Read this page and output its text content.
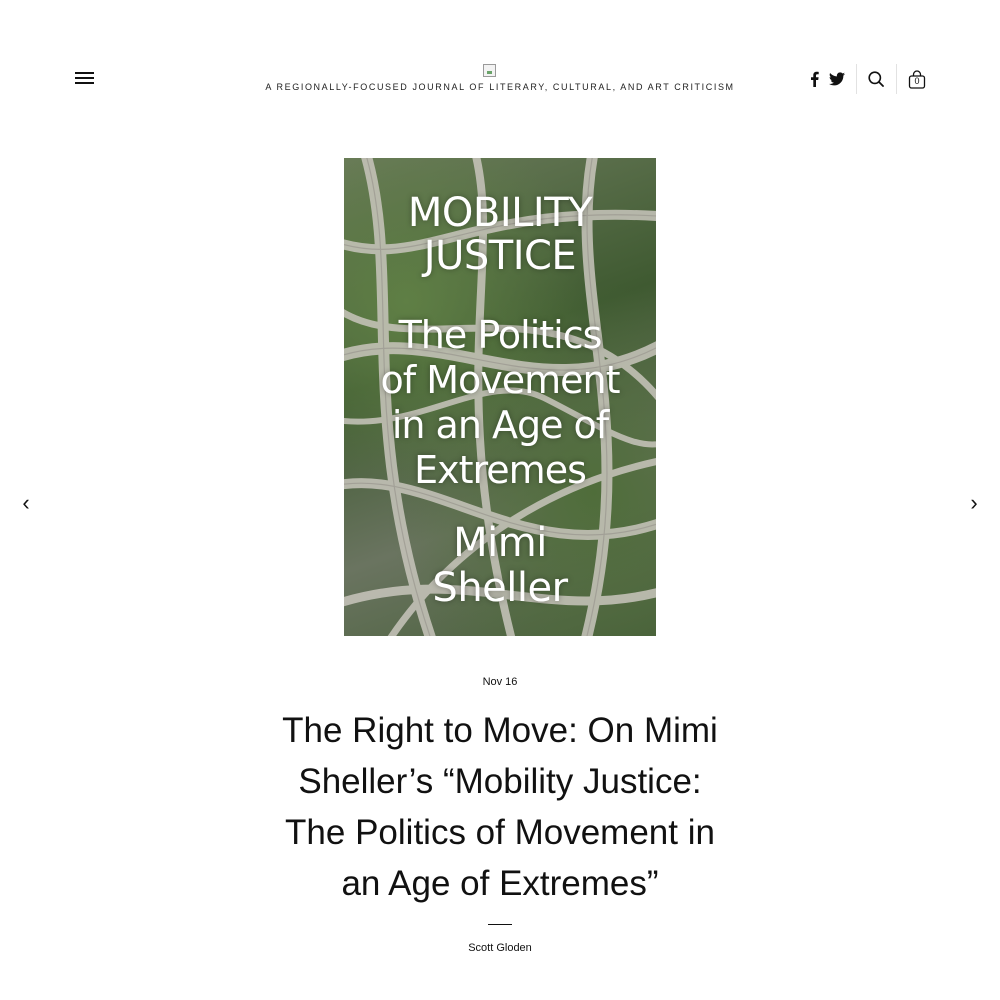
A REGIONALLY-FOCUSED JOURNAL OF LITERARY, CULTURAL, AND ART CRITICISM
0
MOBILITY
JUSTICE
The Politics
of Movement
in an Age of
Extremes
Mimi
Sheller
‹	›
Nov 16
The Right to Move: On Mimi Sheller’s “Mobility Justice: The Politics of Movement in an Age of Extremes”
Scott Gloden
